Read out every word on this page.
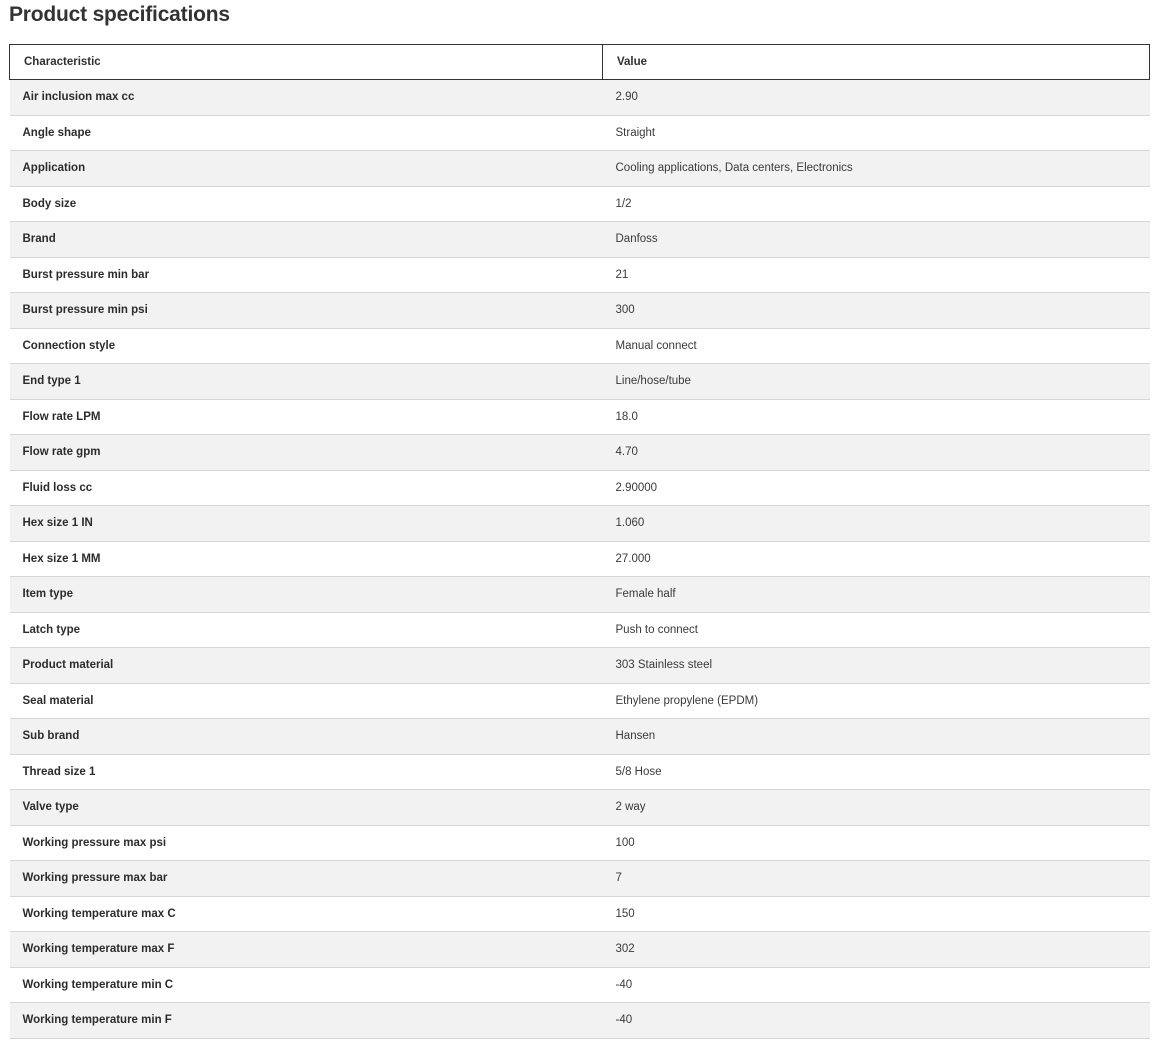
Product specifications
Characteristic	Value
Air inclusion max cc	2.90
Angle shape	Straight
Application	Cooling applications, Data centers, Electronics
Body size	1/2
Brand	Danfoss
Burst pressure min bar	21
Burst pressure min psi	300
Connection style	Manual connect
End type 1	Line/hose/tube
Flow rate LPM	18.0
Flow rate gpm	4.70
Fluid loss cc	2.90000
Hex size 1 IN	1.060
Hex size 1 MM	27.000
Item type	Female half
Latch type	Push to connect
Product material	303 Stainless steel
Seal material	Ethylene propylene (EPDM)
Sub brand	Hansen
Thread size 1	5/8 Hose
Valve type	2 way
Working pressure max psi	100
Working pressure max bar	7
Working temperature max C	150
Working temperature max F	302
Working temperature min C	-40
Working temperature min F	-40
